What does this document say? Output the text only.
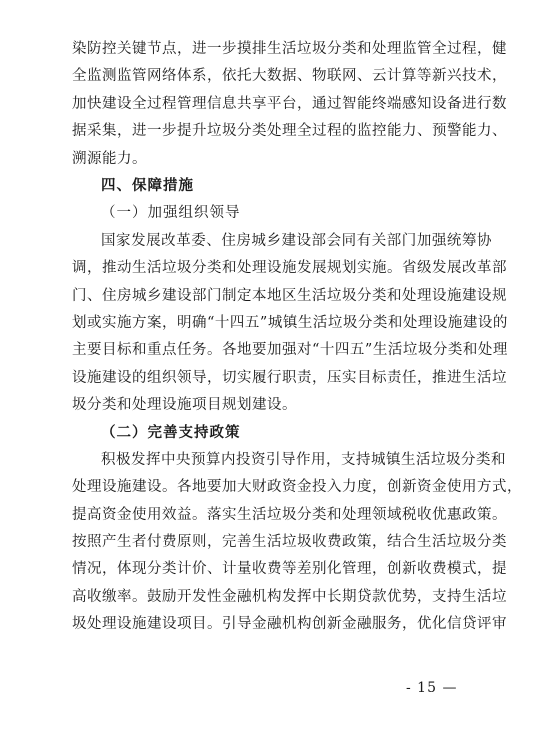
染防控关键节点，进一步摸排生活垃圾分类和处理监管全过程，健
全监测监管网络体系，依托大数据、物联网、云计算等新兴技术，
加快建设全过程管理信息共享平台，通过智能终端感知设备进行数
据采集，进一步提升垃圾分类处理全过程的监控能力、预警能力、
溯源能力。
四、保障措施
（一）加强组织领导
国家发展改革委、住房城乡建设部会同有关部门加强统筹协
调，推动生活垃圾分类和处理设施发展规划实施。省级发展改革部
门、住房城乡建设部门制定本地区生活垃圾分类和处理设施建设规
划或实施方案，明确“十四五”城镇生活垃圾分类和处理设施建设的
主要目标和重点任务。各地要加强对“十四五”生活垃圾分类和处理
设施建设的组织领导，切实履行职责，压实目标责任，推进生活垃
圾分类和处理设施项目规划建设。
（二）完善支持政策
积极发挥中央预算内投资引导作用，支持城镇生活垃圾分类和
处理设施建设。各地要加大财政资金投入力度，创新资金使用方式，
提高资金使用效益。落实生活垃圾分类和处理领域税收优惠政策。
按照产生者付费原则，完善生活垃圾收费政策，结合生活垃圾分类
情况，体现分类计价、计量收费等差别化管理，创新收费模式，提
高收缴率。鼓励开发性金融机构发挥中长期贷款优势，支持生活垃
圾处理设施建设项目。引导金融机构创新金融服务，优化信贷评审
- 15 —
